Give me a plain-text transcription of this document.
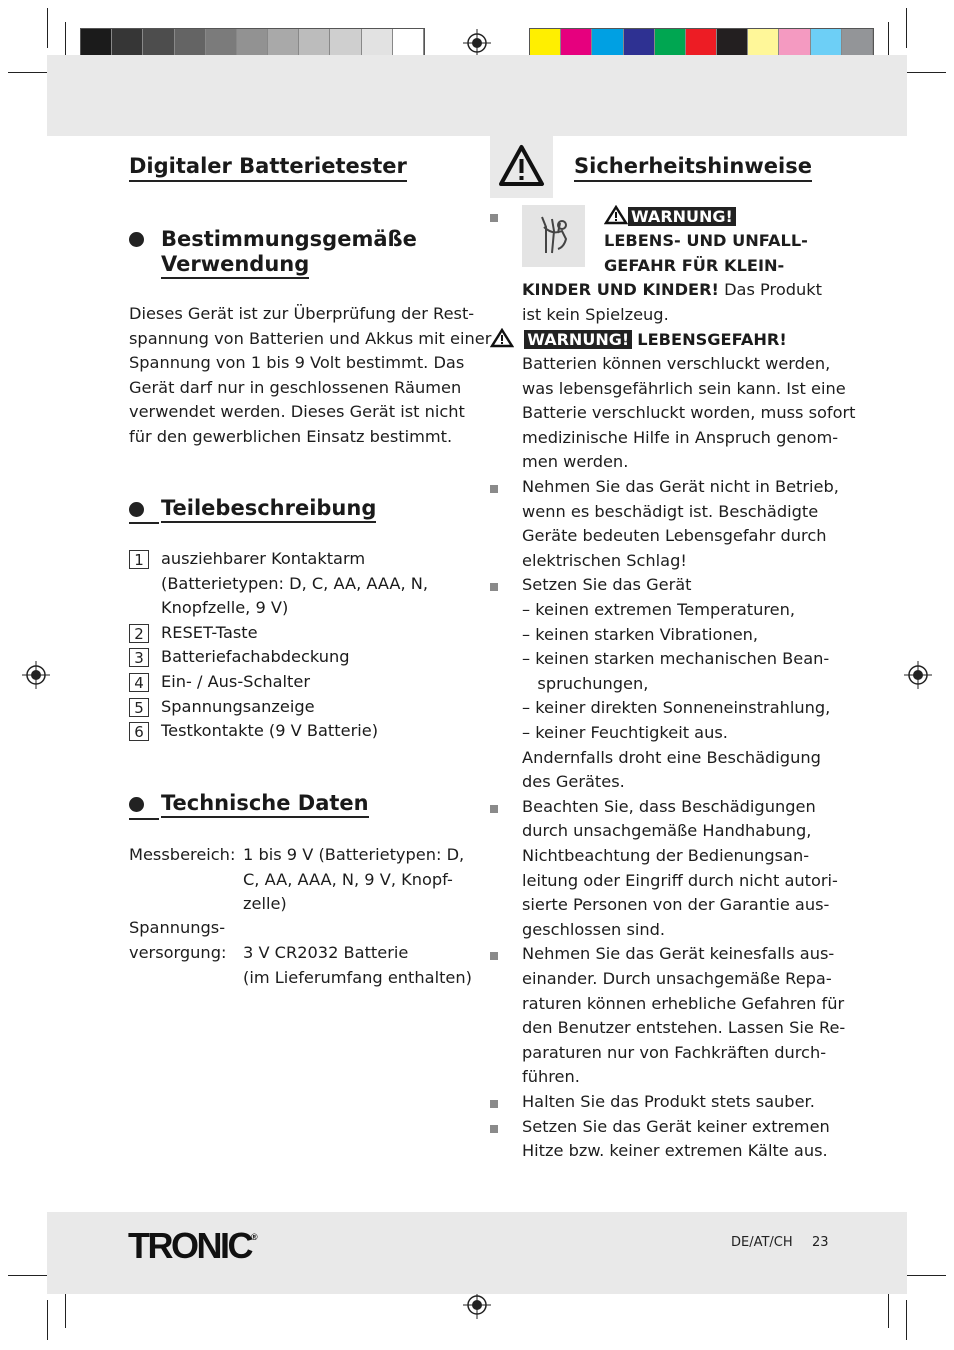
Digitaler Batterietester
Bestimmungsgemäße
Verwendung
Dieses Gerät ist zur Überprüfung der Rest-
spannung von Batterien und Akkus mit einer
Spannung von 1 bis 9 Volt bestimmt. Das
Gerät darf nur in geschlossenen Räumen
verwendet werden. Dieses Gerät ist nicht
für den gewerblichen Einsatz bestimmt.
Teilebeschreibung
1	ausziehbarer Kontaktarm
(Batterietypen: D, C, AA, AAA, N,
Knopfzelle, 9 V)
2	RESET-Taste
3	Batteriefachabdeckung
4	Ein- / Aus-Schalter
5	Spannungsanzeige
6	Testkontakte (9 V Batterie)
Technische Daten
Messbereich: 1 bis 9 V (Batterietypen: D,
C, AA, AAA, N, 9 V, Knopf-
zelle)
Spannungs-
versorgung: 3 V CR2032 Batterie
(im Lieferumfang enthalten)
Sicherheitshinweise
WARNUNG!
LEBENS- UND UNFALL-
GEFAHR FÜR KLEIN-
KINDER UND KINDER! Das Produkt
ist kein Spielzeug.
WARNUNG! LEBENSGEFAHR!
Batterien können verschluckt werden,
was lebensgefährlich sein kann. Ist eine
Batterie verschluckt worden, muss sofort
medizinische Hilfe in Anspruch genom-
men werden.
Nehmen Sie das Gerät nicht in Betrieb,
wenn es beschädigt ist. Beschädigte
Geräte bedeuten Lebensgefahr durch
elektrischen Schlag!
Setzen Sie das Gerät
– keinen extremen Temperaturen,
– keinen starken Vibrationen,
– keinen starken mechanischen Bean-
spruchungen,
– keiner direkten Sonneneinstrahlung,
– keiner Feuchtigkeit aus.
Andernfalls droht eine Beschädigung
des Gerätes.
Beachten Sie, dass Beschädigungen
durch unsachgemäße Handhabung,
Nichtbeachtung der Bedienungsan-
leitung oder Eingriff durch nicht autori-
sierte Personen von der Garantie aus-
geschlossen sind.
Nehmen Sie das Gerät keinesfalls aus-
einander. Durch unsachgemäße Repa-
raturen können erhebliche Gefahren für
den Benutzer entstehen. Lassen Sie Re-
paraturen nur von Fachkräften durch-
führen.
Halten Sie das Produkt stets sauber.
Setzen Sie das Gerät keiner extremen
Hitze bzw. keiner extremen Kälte aus.
TRONIC®	DE/AT/CH 23
